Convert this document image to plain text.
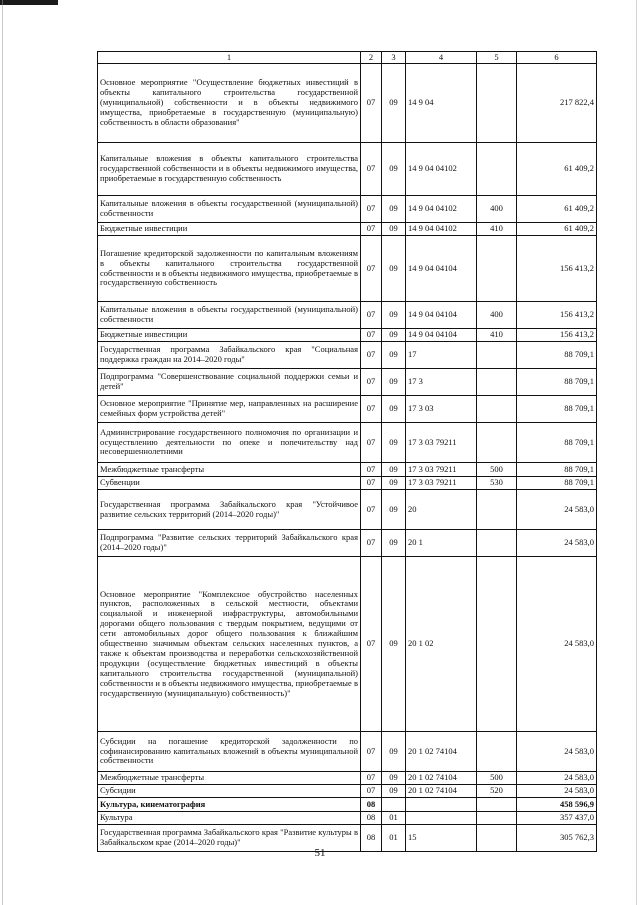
1	2	3	4	5	6
Основное мероприятие "Осуществление бюджетных инвестиций в объекты капитального строительства государственной (муниципальной) собственности и в объекты недвижимого имущества, приобретаемые в государственную (муниципальную) собственность в области образования"	07	09	14 9 04		217 822,4
Капитальные вложения в объекты капитального строительства государственной собственности и в объекты недвижимого имущества, приобретаемые в государственную собственность	07	09	14 9 04 04102		61 409,2
Капитальные вложения в объекты государственной (муниципальной) собственности	07	09	14 9 04 04102	400	61 409,2
Бюджетные инвестиции	07	09	14 9 04 04102	410	61 409,2
Погашение кредиторской задолженности по капитальным вложениям в объекты капитального строительства государственной собственности и в объекты недвижимого имущества, приобретаемые в государственную собственность	07	09	14 9 04 04104		156 413,2
Капитальные вложения в объекты государственной (муниципальной) собственности	07	09	14 9 04 04104	400	156 413,2
Бюджетные инвестиции	07	09	14 9 04 04104	410	156 413,2
Государственная программа Забайкальского края "Социальная поддержка граждан на 2014–2020 годы"	07	09	17		88 709,1
Подпрограмма "Совершенствование социальной поддержки семьи и детей"	07	09	17 3		88 709,1
Основное мероприятие "Принятие мер, направленных на расширение семейных форм устройства детей"	07	09	17 3 03		88 709,1
Администрирование государственного полномочия по организации и осуществлению деятельности по опеке и попечительству над несовершеннолетними	07	09	17 3 03 79211		88 709,1
Межбюджетные трансферты	07	09	17 3 03 79211	500	88 709,1
Субвенции	07	09	17 3 03 79211	530	88 709,1
Государственная программа Забайкальского края "Устойчивое развитие сельских территорий (2014–2020 годы)"	07	09	20		24 583,0
Подпрограмма "Развитие сельских территорий Забайкальского края (2014–2020 годы)"	07	09	20 1		24 583,0
Основное мероприятие "Комплексное обустройство населенных пунктов, расположенных в сельской местности, объектами социальной и инженерной инфраструктуры, автомобильными дорогами общего пользования с твердым покрытием, ведущими от сети автомобильных дорог общего пользования к ближайшим общественно значимым объектам сельских населенных пунктов, а также к объектам производства и переработки сельскохозяйственной продукции (осуществление бюджетных инвестиций в объекты капитального строительства государственной (муниципальной) собственности и в объекты недвижимого имущества, приобретаемые в государственную (муниципальную) собственность)"	07	09	20 1 02		24 583,0
Субсидии на погашение кредиторской задолженности по софинансированию капитальных вложений в объекты муниципальной собственности	07	09	20 1 02 74104		24 583,0
Межбюджетные трансферты	07	09	20 1 02 74104	500	24 583,0
Субсидии	07	09	20 1 02 74104	520	24 583,0
Культура, кинематография	08				458 596,9
Культура	08	01			357 437,0
Государственная программа Забайкальского края "Развитие культуры в Забайкальском крае (2014–2020 годы)"	08	01	15		305 762,3
51
